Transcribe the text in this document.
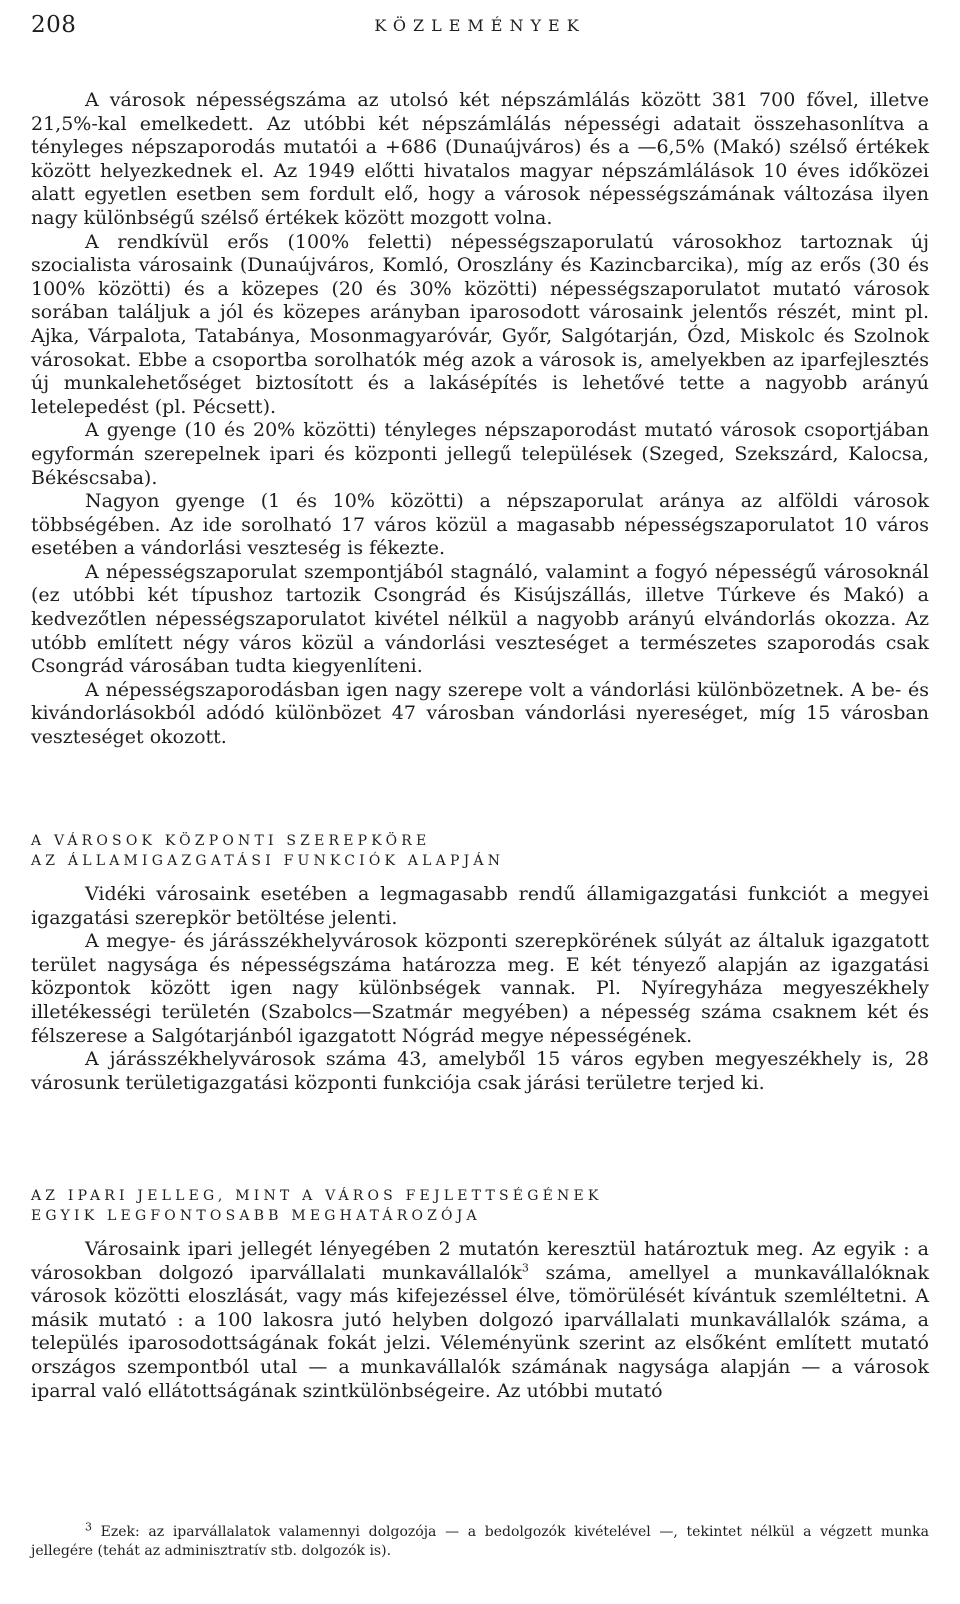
208	KÖZLEMÉNYEK

A városok népességszáma az utolsó két népszámlálás között 381 700 fővel, illetve 21,5%-kal emelkedett. Az utóbbi két népszámlálás népességi adatait összehasonlítva a tényleges népszaporodás mutatói a +686 (Dunaújváros) és a —6,5% (Makó) szélső értékek között helyezkednek el. Az 1949 előtti hivatalos magyar népszámlálások 10 éves időközei alatt egyetlen esetben sem fordult elő, hogy a városok népességszámának változása ilyen nagy különbségű szélső értékek között mozgott volna.

A rendkívül erős (100% feletti) népességszaporulatú városokhoz tartoznak új szocialista városaink (Dunaújváros, Komló, Oroszlány és Kazincbarcika), míg az erős (30 és 100% közötti) és a közepes (20 és 30% közötti) népességszaporulatot mutató városok sorában találjuk a jól és közepes arányban iparosodott városaink jelentős részét, mint pl. Ajka, Várpalota, Tatabánya, Mosonmagyaróvár, Győr, Salgótarján, Ózd, Miskolc és Szolnok városokat. Ebbe a csoportba sorolhatók még azok a városok is, amelyekben az iparfejlesztés új munkalehetőséget biztosított és a lakásépítés is lehetővé tette a nagyobb arányú letelepedést (pl. Pécsett).

A gyenge (10 és 20% közötti) tényleges népszaporodást mutató városok csoportjában egyformán szerepelnek ipari és központi jellegű települések (Szeged, Szekszárd, Kalocsa, Békéscsaba).

Nagyon gyenge (1 és 10% közötti) a népszaporulat aránya az alföldi városok többségében. Az ide sorolható 17 város közül a magasabb népességszaporulatot 10 város esetében a vándorlási veszteség is fékezte.

A népességszaporulat szempontjából stagnáló, valamint a fogyó népességű városoknál (ez utóbbi két típushoz tartozik Csongrád és Kisújszállás, illetve Túrkeve és Makó) a kedvezőtlen népességszaporulatot kivétel nélkül a nagyobb arányú elvándorlás okozza. Az utóbb említett négy város közül a vándorlási veszteséget a természetes szaporodás csak Csongrád városában tudta kiegyenlíteni.

A népességszaporodásban igen nagy szerepe volt a vándorlási különbözetnek. A be- és kivándorlásokból adódó különbözet 47 városban vándorlási nyereséget, míg 15 városban veszteséget okozott.

A VÁROSOK KÖZPONTI SZEREPKÖRE
AZ ÁLLAMIGAZGATÁSI FUNKCIÓK ALAPJÁN

Vidéki városaink esetében a legmagasabb rendű államigazgatási funkciót a megyei igazgatási szerepkör betöltése jelenti.

A megye- és járásszékhelyvárosok központi szerepkörének súlyát az általuk igazgatott terület nagysága és népességszáma határozza meg. E két tényező alapján az igazgatási központok között igen nagy különbségek vannak. Pl. Nyíregyháza megyeszékhely illetékességi területén (Szabolcs—Szatmár megyében) a népesség száma csaknem két és félszerese a Salgótarjánból igazgatott Nógrád megye népességének.

A járásszékhelyvárosok száma 43, amelyből 15 város egyben megyeszékhely is, 28 városunk területigazgatási központi funkciója csak járási területre terjed ki.

AZ IPARI JELLEG, MINT A VÁROS FEJLETTSÉGÉNEK
EGYIK LEGFONTOSABB MEGHATÁROZÓJA

Városaink ipari jellegét lényegében 2 mutatón keresztül határoztuk meg. Az egyik : a városokban dolgozó iparvállalati munkavállalók$^3$ száma, amellyel a munkavállalóknak városok közötti eloszlását, vagy más kifejezéssel élve, tömörülését kívántuk szemléltetni. A másik mutató : a 100 lakosra jutó helyben dolgozó iparvállalati munkavállalók száma, a település iparosodottságának fokát jelzi. Véleményünk szerint az elsőként említett mutató országos szempontból utal — a munkavállalók számának nagysága alapján — a városok iparral való ellátottságának szintkülönbségeire. Az utóbbi mutató

$^3$ Ezek: az iparvállalatok valamennyi dolgozója — a bedolgozók kivételével —, tekintet nélkül a végzett munka jellegére (tehát az adminisztratív stb. dolgozók is).
